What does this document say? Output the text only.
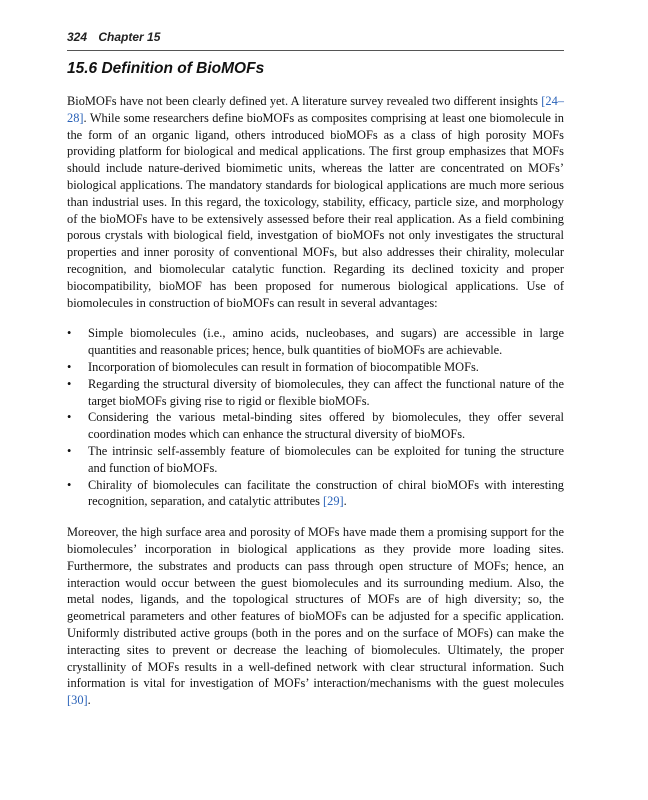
324 Chapter 15
15.6 Definition of BioMOFs

BioMOFs have not been clearly defined yet. A literature survey revealed two different insights [24–28]. While some researchers define bioMOFs as composites comprising at least one biomolecule in the form of an organic ligand, others introduced bioMOFs as a class of high porosity MOFs providing platform for biological and medical applications. The first group emphasizes that MOFs should include nature-derived biomimetic units, whereas the latter are concentrated on MOFs’ biological applications. The mandatory standards for biological applications are much more serious than industrial uses. In this regard, the toxicology, stability, efficacy, particle size, and morphology of the bioMOFs have to be extensively assessed before their real application. As a field combining porous crystals with biological field, investgation of bioMOFs not only investigates the structural properties and inner porosity of conventional MOFs, but also addresses their chirality, molecular recognition, and biomolecular catalytic function. Regarding its declined toxicity and proper biocompatibility, bioMOF has been proposed for numerous biological applications. Use of biomolecules in construction of bioMOFs can result in several advantages:

• Simple biomolecules (i.e., amino acids, nucleobases, and sugars) are accessible in large quantities and reasonable prices; hence, bulk quantities of bioMOFs are achievable.
• Incorporation of biomolecules can result in formation of biocompatible MOFs.
• Regarding the structural diversity of biomolecules, they can affect the functional nature of the target bioMOFs giving rise to rigid or flexible bioMOFs.
• Considering the various metal-binding sites offered by biomolecules, they offer several coordination modes which can enhance the structural diversity of bioMOFs.
• The intrinsic self-assembly feature of biomolecules can be exploited for tuning the structure and function of bioMOFs.
• Chirality of biomolecules can facilitate the construction of chiral bioMOFs with interesting recognition, separation, and catalytic attributes [29].

Moreover, the high surface area and porosity of MOFs have made them a promising support for the biomolecules’ incorporation in biological applications as they provide more loading sites. Furthermore, the substrates and products can pass through open structure of MOFs; hence, an interaction would occur between the guest biomolecules and its surrounding medium. Also, the metal nodes, ligands, and the topological structures of MOFs are of high diversity; so, the geometrical parameters and other features of bioMOFs can be adjusted for a specific application. Uniformly distributed active groups (both in the pores and on the surface of MOFs) can make the interacting sites to prevent or decrease the leaching of biomolecules. Ultimately, the proper crystallinity of MOFs results in a well-defined network with clear structural information. Such information is vital for investigation of MOFs’ interaction/mechanisms with the guest molecules [30].
